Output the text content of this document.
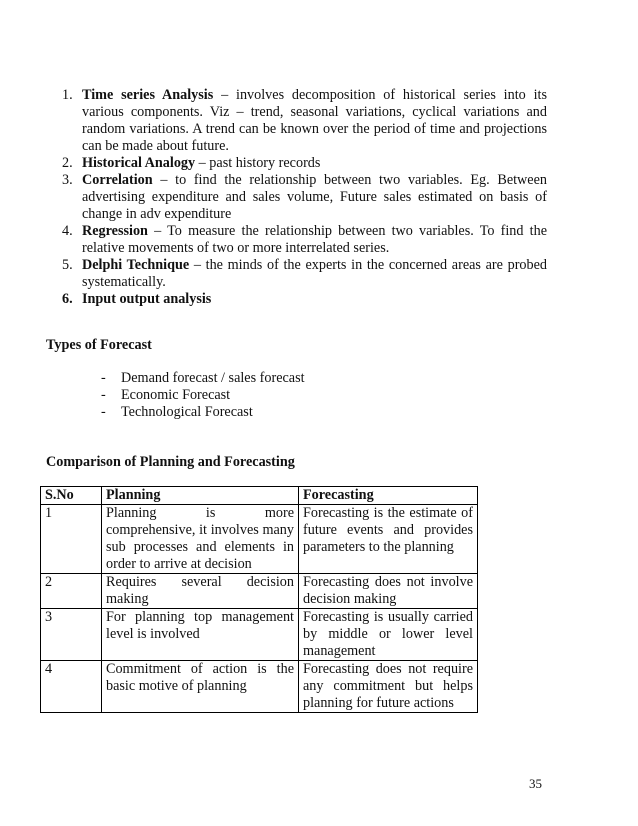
1. Time series Analysis – involves decomposition of historical series into its various components. Viz – trend, seasonal variations, cyclical variations and random variations. A trend can be known over the period of time and projections can be made about future.
2. Historical Analogy – past history records
3. Correlation – to find the relationship between two variables. Eg. Between advertising expenditure and sales volume, Future sales estimated on basis of change in adv expenditure
4. Regression – To measure the relationship between two variables. To find the relative movements of two or more interrelated series.
5. Delphi Technique – the minds of the experts in the concerned areas are probed systematically.
6. Input output analysis

Types of Forecast

- Demand forecast / sales forecast
- Economic Forecast
- Technological Forecast

Comparison of Planning and Forecasting

S.No	Planning	Forecasting
1	Planning is more comprehensive, it involves many sub processes and elements in order to arrive at decision	Forecasting is the estimate of future events and provides parameters to the planning
2	Requires several decision making	Forecasting does not involve decision making
3	For planning top management level is involved	Forecasting is usually carried by middle or lower level management
4	Commitment of action is the basic motive of planning	Forecasting does not require any commitment but helps planning for future actions
35
